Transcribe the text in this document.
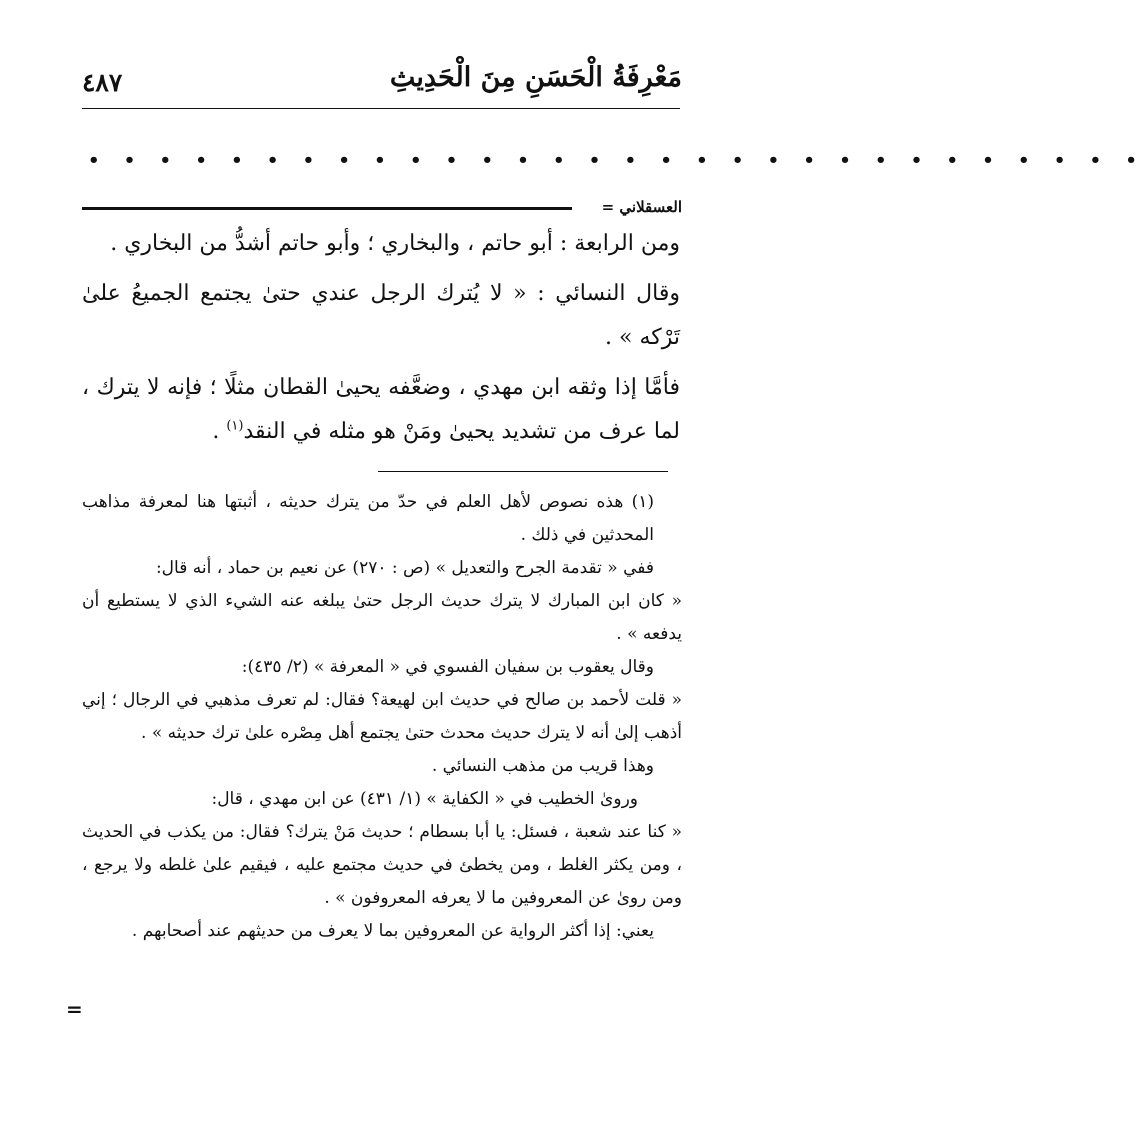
مَعْرِفَةُ الْحَسَنِ مِنَ الْحَدِيثِ
٤٨٧
• • • • • • • • • • • • • • • • • • • • • • • • • • • • • •
العسقلاني =

ومن الرابعة : أبو حاتم ، والبخاري ؛ وأبو حاتم أشدُّ من البخاري .

وقال النسائي : « لا يُترك الرجل عندي حتىٰ يجتمع الجميعُ علىٰ تَرْكه » .

فأمَّا إذا وثقه ابن مهدي ، وضعَّفه يحيىٰ القطان مثلًا ؛ فإنه لا يترك ، لما عرف من تشديد يحيىٰ ومَنْ هو مثله في النقد$^{(١)}$ .

(١) هذه نصوص لأهل العلم في حدّ من يترك حديثه ، أثبتها هنا لمعرفة مذاهب المحدثين في ذلك .

ففي « تقدمة الجرح والتعديل » (ص : ٢٧٠) عن نعيم بن حماد ، أنه قال:

« كان ابن المبارك لا يترك حديث الرجل حتىٰ يبلغه عنه الشيء الذي لا يستطيع أن يدفعه » .

وقال يعقوب بن سفيان الفسوي في « المعرفة » (٢/ ٤٣٥):

« قلت لأحمد بن صالح في حديث ابن لهيعة؟ فقال: لم تعرف مذهبي في الرجال ؛ إني أذهب إلىٰ أنه لا يترك حديث محدث حتىٰ يجتمع أهل مِصْره علىٰ ترك حديثه » .

وهذا قريب من مذهب النسائي .

وروىٰ الخطيب في « الكفاية » (١/ ٤٣١) عن ابن مهدي ، قال:

« كنا عند شعبة ، فسئل: يا أبا بسطام ؛ حديث مَنْ يترك؟ فقال: من يكذب في الحديث ، ومن يكثر الغلط ، ومن يخطئ في حديث مجتمع عليه ، فيقيم علىٰ غلطه ولا يرجع ، ومن روىٰ عن المعروفين ما لا يعرفه المعروفون » .

يعني: إذا أكثر الرواية عن المعروفين بما لا يعرف من حديثهم عند أصحابهم .

=
